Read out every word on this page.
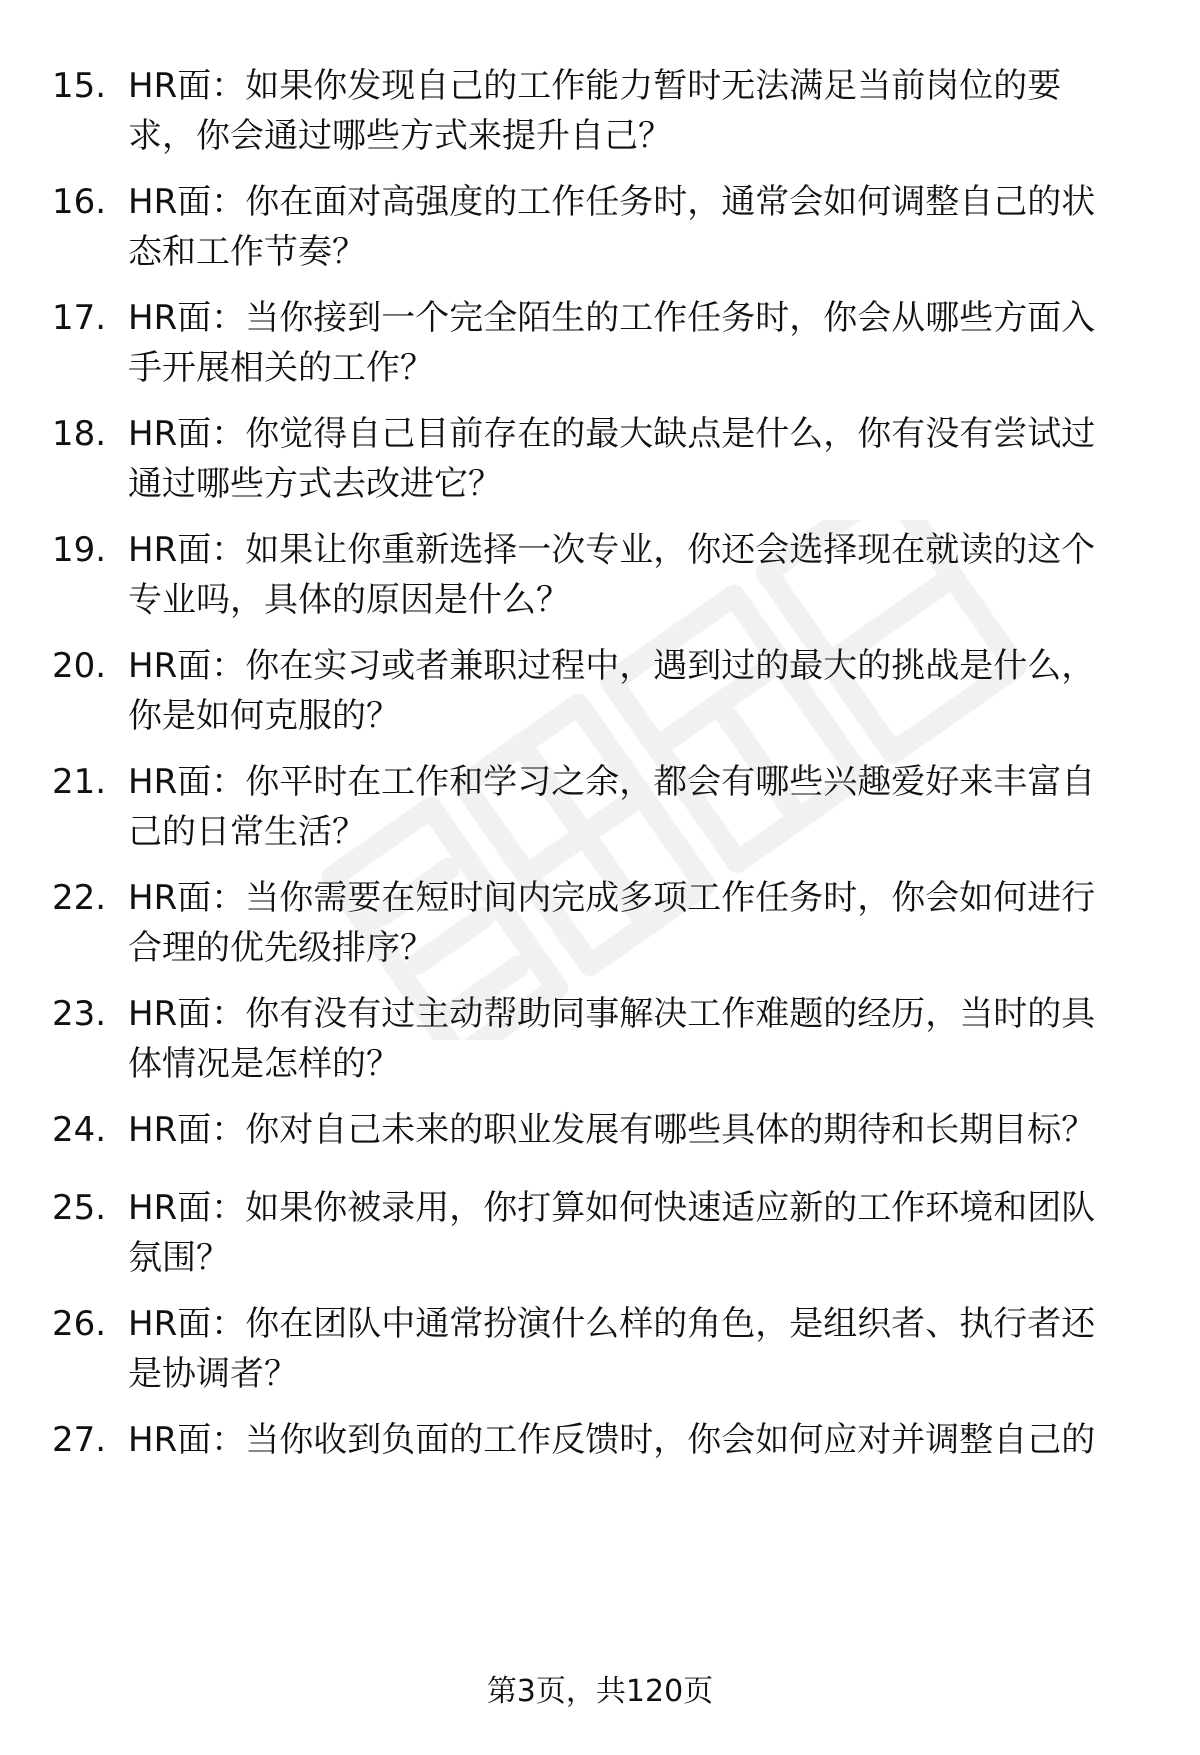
15. HR面：如果你发现自己的工作能力暂时无法满足当前岗位的要
求，你会通过哪些方式来提升自己？
16. HR面：你在面对高强度的工作任务时，通常会如何调整自己的状
态和工作节奏？
17. HR面：当你接到一个完全陌生的工作任务时，你会从哪些方面入
手开展相关的工作？
18. HR面：你觉得自己目前存在的最大缺点是什么，你有没有尝试过
通过哪些方式去改进它？
19. HR面：如果让你重新选择一次专业，你还会选择现在就读的这个
专业吗，具体的原因是什么？
20. HR面：你在实习或者兼职过程中，遇到过的最大的挑战是什么，
你是如何克服的？
21. HR面：你平时在工作和学习之余，都会有哪些兴趣爱好来丰富自
己的日常生活？
22. HR面：当你需要在短时间内完成多项工作任务时，你会如何进行
合理的优先级排序？
23. HR面：你有没有过主动帮助同事解决工作难题的经历，当时的具
体情况是怎样的？
24. HR面：你对自己未来的职业发展有哪些具体的期待和长期目标？
25. HR面：如果你被录用，你打算如何快速适应新的工作环境和团队
氛围？
26. HR面：你在团队中通常扮演什么样的角色，是组织者、执行者还
是协调者？
27. HR面：当你收到负面的工作反馈时，你会如何应对并调整自己的
第3页，共120页
